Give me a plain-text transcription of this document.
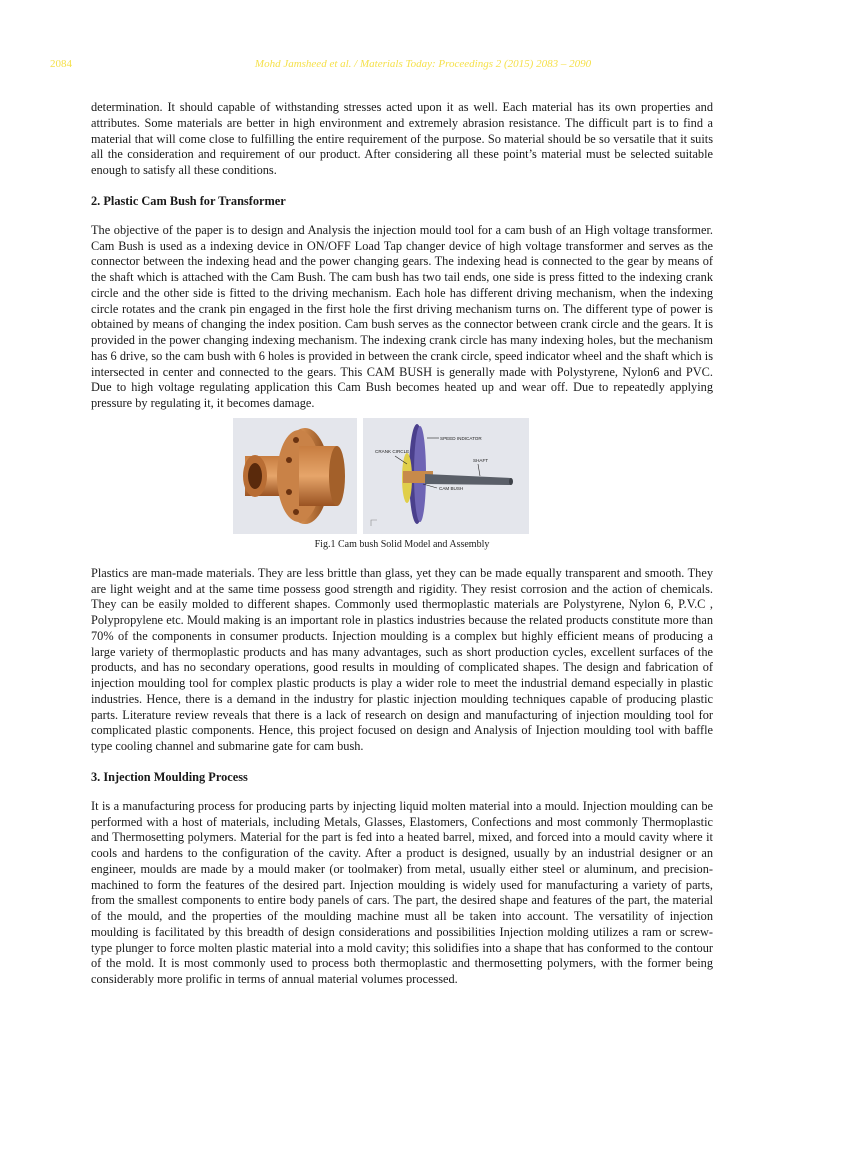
2084	Mohd Jamsheed et al. / Materials Today: Proceedings 2 (2015) 2083 – 2090

determination. It should capable of withstanding stresses acted upon it as well. Each material has its own properties and attributes. Some materials are better in high environment and extremely abrasion resistance. The difficult part is to find a material that will come close to fulfilling the entire requirement of the purpose. So material should be so versatile that it suits all the consideration and requirement of our product. After considering all these point’s material must be selected suitable enough to satisfy all these conditions.

2. Plastic Cam Bush for Transformer

The objective of the paper is to design and Analysis the injection mould tool for a cam bush of an High voltage transformer. Cam Bush is used as a indexing device in ON/OFF Load Tap changer device of high voltage transformer and serves as the connector between the indexing head and the power changing gears. The indexing head is connected to the gear by means of the shaft which is attached with the Cam Bush. The cam bush has two tail ends, one side is press fitted to the indexing crank circle and the other side is fitted to the driving mechanism. Each hole has different driving mechanism, when the indexing circle rotates and the crank pin engaged in the first hole the first driving mechanism turns on. The different type of power is obtained by means of changing the index position. Cam bush serves as the connector between crank circle and the gears. It is provided in the power changing indexing mechanism. The indexing crank circle has many indexing holes, but the mechanism has 6 drive, so the cam bush with 6 holes is provided in between the crank circle, speed indicator wheel and the shaft which is intersected in center and connected to the gears. This CAM BUSH is generally made with Polystyrene, Nylon6 and PVC. Due to high voltage regulating application this Cam Bush becomes heated up and wear off. Due to repeatedly applying pressure by regulating it, it becomes damage.

SPEED INDICATOR
CRANK CIRCLE
SHAFT
CAM BUSH
Fig.1 Cam bush Solid Model and Assembly

Plastics are man-made materials. They are less brittle than glass, yet they can be made equally transparent and smooth. They are light weight and at the same time possess good strength and rigidity. They resist corrosion and the action of chemicals. They can be easily molded to different shapes. Commonly used thermoplastic materials are Polystyrene, Nylon 6, P.V.C , Polypropylene etc. Mould making is an important role in plastics industries because the related products constitute more than 70% of the components in consumer products. Injection moulding is a complex but highly efficient means of producing a large variety of thermoplastic products and has many advantages, such as short production cycles, excellent surfaces of the products, and has no secondary operations, good results in moulding of complicated shapes. The design and fabrication of injection moulding tool for complex plastic products is play a wider role to meet the industrial demand especially in plastic industries. Hence, there is a demand in the industry for plastic injection moulding techniques capable of producing plastic parts. Literature review reveals that there is a lack of research on design and manufacturing of injection moulding tool for complicated plastic components. Hence, this project focused on design and Analysis of Injection moulding tool with baffle type cooling channel and submarine gate for cam bush.

3. Injection Moulding Process

It is a manufacturing process for producing parts by injecting liquid molten material into a mould. Injection moulding can be performed with a host of materials, including Metals, Glasses, Elastomers, Confections and most commonly Thermoplastic and Thermosetting polymers. Material for the part is fed into a heated barrel, mixed, and forced into a mould cavity where it cools and hardens to the configuration of the cavity. After a product is designed, usually by an industrial designer or an engineer, moulds are made by a mould maker (or toolmaker) from metal, usually either steel or aluminum, and precision-machined to form the features of the desired part. Injection moulding is widely used for manufacturing a variety of parts, from the smallest components to entire body panels of cars. The part, the desired shape and features of the part, the material of the mould, and the properties of the moulding machine must all be taken into account. The versatility of injection moulding is facilitated by this breadth of design considerations and possibilities Injection molding utilizes a ram or screw-type plunger to force molten plastic material into a mold cavity; this solidifies into a shape that has conformed to the contour of the mold. It is most commonly used to process both thermoplastic and thermosetting polymers, with the former being considerably more prolific in terms of annual material volumes processed.
